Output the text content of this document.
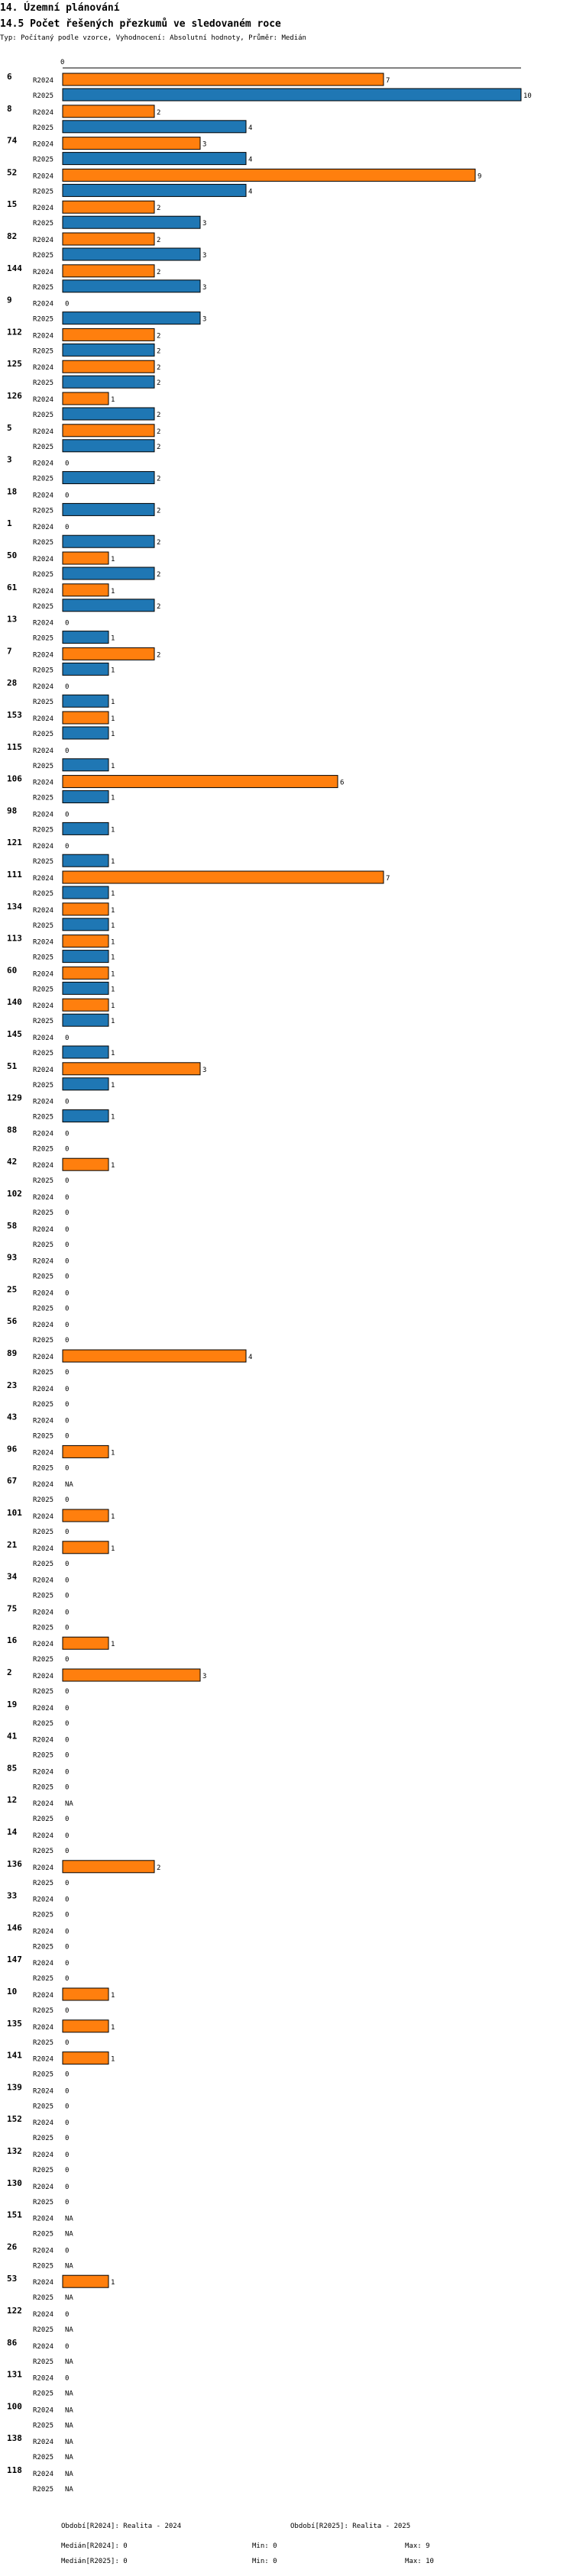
14. Územní plánování
14.5 Počet řešených přezkumů ve sledovaném roce
Typ: Počítaný podle vzorce, Vyhodnocení: Absolutní hodnoty, Průměr: Medián
0
6	R2024	7
R2025	10
8	R2024	2
R2025	4
74 R2024	3
R2025	4
52 R2024	9
R2025	4
15 R2024	2
R2025	3
82 R2024	2
R2025	3
144 R2024	2
R2025	3
9	R2024 0
R2025	3
112 R2024	2
R2025	2
125 R2024	2
R2025	2
126 R2024	1
R2025	2
5	R2024	2
R2025	2
3	R2024 0
R2025	2
18 R2024 0
R2025	2
1	R2024 0
R2025	2
50 R2024	1
R2025	2
61 R2024	1
R2025	2
13 R2024 0
R2025	1
7	R2024	2
R2025	1
28 R2024 0
R2025	1
153 R2024	1
R2025	1
115 R2024 0
R2025	1
106 R2024	6
R2025	1
98 R2024 0
R2025	1
121 R2024 0
R2025	1
111 R2024	7
R2025	1
134 R2024	1
R2025	1
113 R2024	1
R2025	1
60 R2024	1
R2025	1
140 R2024	1
R2025	1
145 R2024 0
R2025	1
51 R2024	3
R2025	1
129 R2024 0
R2025	1
88 R2024 0
R2025 0
42 R2024	1
R2025 0
102 R2024 0
R2025 0
58 R2024 0
R2025 0
93 R2024 0
R2025 0
25 R2024 0
R2025 0
56 R2024 0
R2025 0
89 R2024	4
R2025 0
23 R2024 0
R2025 0
43 R2024 0
R2025 0
96 R2024	1
R2025 0
67 R2024 NA
R2025 0
101 R2024	1
R2025 0
21 R2024	1
R2025 0
34 R2024 0
R2025 0
75 R2024 0
R2025 0
16 R2024	1
R2025 0
2	R2024	3
R2025 0
19 R2024 0
R2025 0
41 R2024 0
R2025 0
85 R2024 0
R2025 0
12 R2024 NA
R2025 0
14 R2024 0
R2025 0
136 R2024	2
R2025 0
33 R2024 0
R2025 0
146 R2024 0
R2025 0
147 R2024 0
R2025 0
10 R2024	1
R2025 0
135 R2024	1
R2025 0
141 R2024	1
R2025 0
139 R2024 0
R2025 0
152 R2024 0
R2025 0
132 R2024 0
R2025 0
130 R2024 0
R2025 0
151 R2024 NA
R2025 NA
26 R2024 0
R2025 NA
53 R2024	1
R2025 NA
122 R2024 0
R2025 NA
86 R2024 0
R2025 NA
131 R2024 0
R2025 NA
100 R2024 NA
R2025 NA
138 R2024 NA
R2025 NA
118 R2024 NA
R2025 NA
Období[R2024]: Realita - 2024	Období[R2025]: Realita - 2025
Medián[R2024]: 0	Min: 0	Max: 9
Medián[R2025]: 0	Min: 0	Max: 10
